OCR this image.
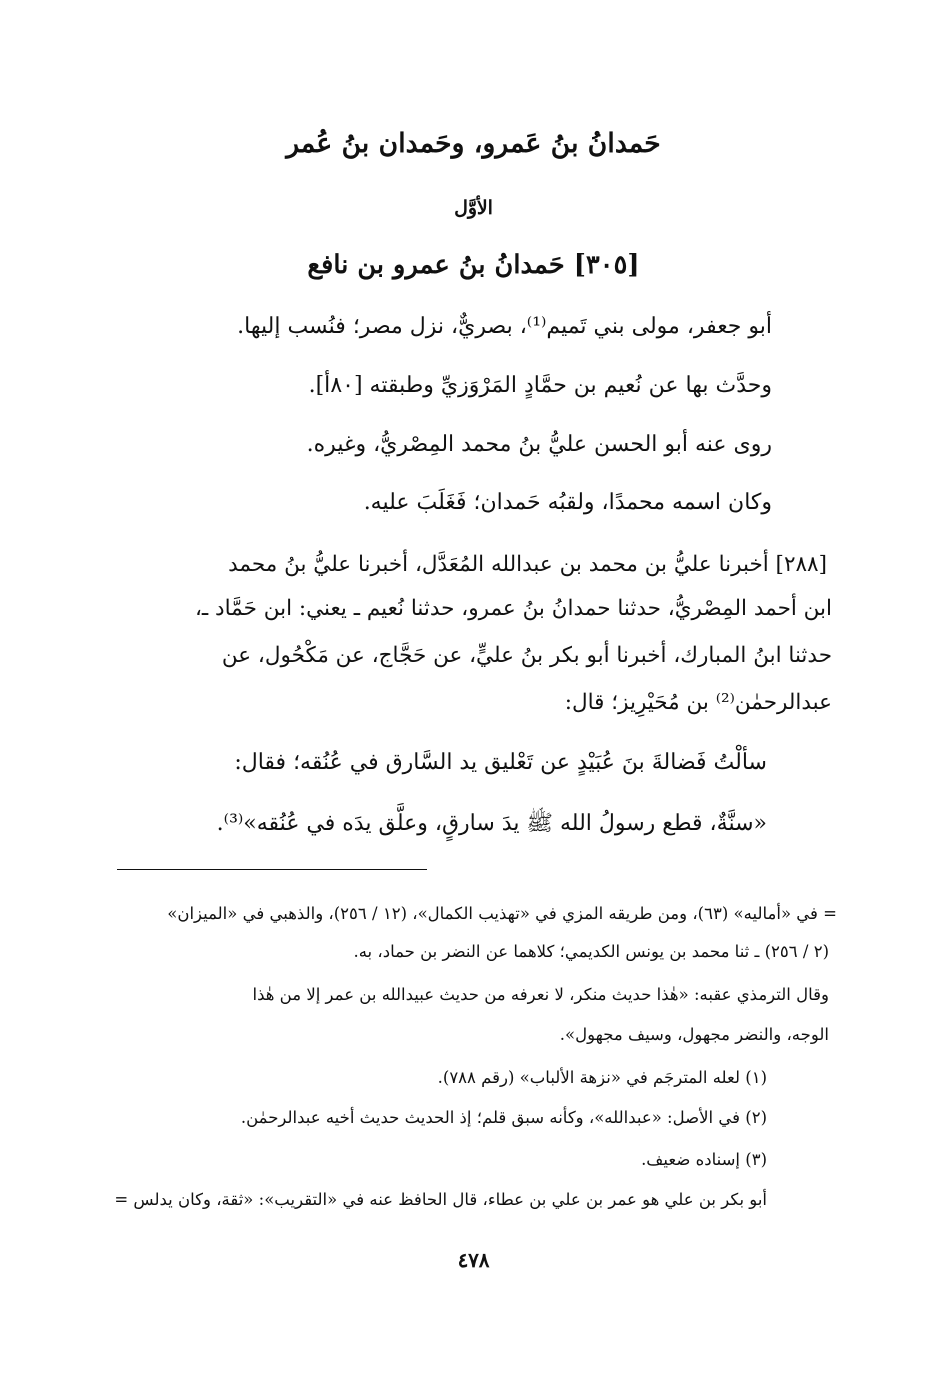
حَمدانُ بنُ عَمرو، وحَمدان بنُ عُمر
الأوَّل
[٣٠٥] حَمدانُ بنُ عمرو بن نافع
أبو جعفر، مولى بني تَميم⁽¹⁾، بصريٌّ، نزل مصر؛ فنُسب إليها.
وحدَّث بها عن نُعيم بن حمَّادٍ المَرْوَزيِّ وطبقته [٨٠أ].
روى عنه أبو الحسن عليُّ بنُ محمد المِصْريُّ، وغيره.
وكان اسمه محمدًا، ولقبُه حَمدان؛ فَغَلَبَ عليه.
[٢٨٨] أخبرنا عليُّ بن محمد بن عبدالله المُعَدَّل، أخبرنا عليُّ بنُ محمد
ابن أحمد المِصْريُّ، حدثنا حمدانُ بنُ عمرو، حدثنا نُعيم ـ يعني: ابن حَمَّاد ـ،
حدثنا ابنُ المبارك، أخبرنا أبو بكر بنُ عليٍّ، عن حَجَّاج، عن مَكْحُول، عن
عبدالرحمٰن⁽²⁾ بن مُحَيْرِيز؛ قال:
سألْتُ فَضالةَ بنَ عُبَيْدٍ عن تَعْليق يد السَّارق في عُنُقه؛ فقال:
«سنَّةٌ، قطع رسولُ الله ﷺ يدَ سارقٍ، وعلَّق يدَه في عُنُقه»⁽³⁾.
= في «أماليه» (٦٣)، ومن طريقه المزي في «تهذيب الكمال»، (١٢ / ٢٥٦)، والذهبي في «الميزان»
(٢ / ٢٥٦) ـ ثنا محمد بن يونس الكديمي؛ كلاهما عن النضر بن حماد، به.
وقال الترمذي عقبه: «هٰذا حديث منكر، لا نعرفه من حديث عبيدالله بن عمر إلا من هٰذا
الوجه، والنضر مجهول، وسيف مجهول».
(١) لعله المترجَم في «نزهة الألباب» (رقم ٧٨٨).
(٢) في الأصل: «عبدالله»، وكأنه سبق قلم؛ إذ الحديث حديث أخيه عبدالرحمٰن.
(٣) إسناده ضعيف.
أبو بكر بن علي هو عمر بن علي بن عطاء، قال الحافظ عنه في «التقريب»: «ثقة، وكان يدلس =
٤٧٨
